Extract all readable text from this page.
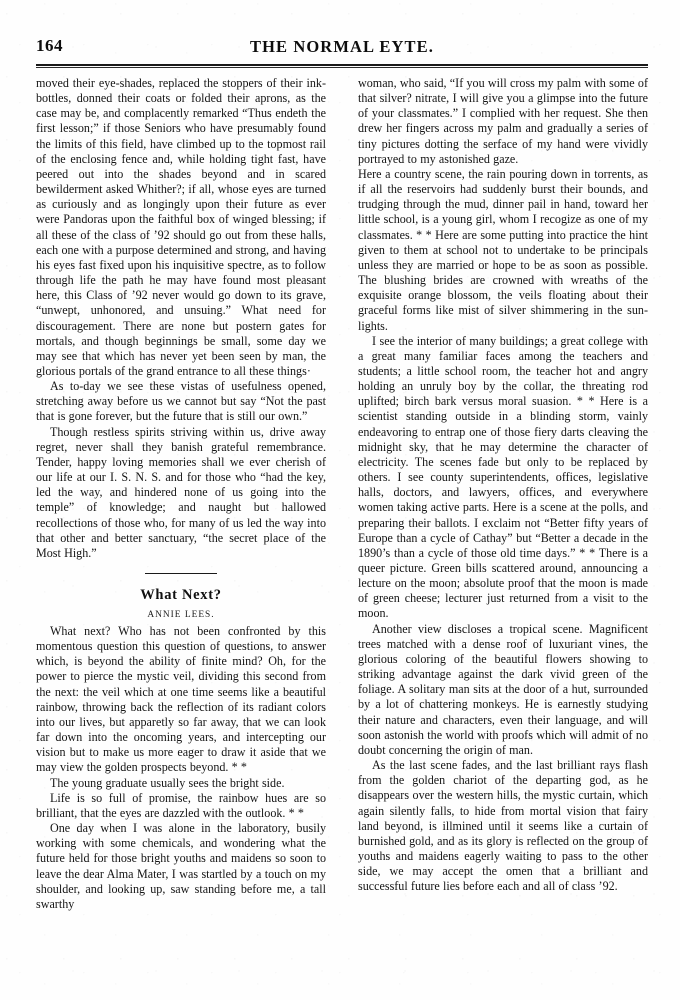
164	THE NORMAL EYTE.

moved their eye-shades, replaced the stoppers of their ink-bottles, donned their coats or folded their aprons, as the case may be, and complacently remarked “Thus endeth the first lesson;” if those Seniors who have presumably found the limits of this field, have climbed up to the topmost rail of the enclosing fence and, while holding tight fast, have peered out into the shades beyond and in scared bewilderment asked Whither?; if all, whose eyes are turned as curiously and as longingly upon their future as ever were Pandoras upon the faithful box of winged blessing; if all these of the class of ’92 should go out from these halls, each one with a purpose determined and strong, and having his eyes fast fixed upon his inquisitive spectre, as to follow through life the path he may have found most pleasant here, this Class of ’92 never would go down to its grave, “unwept, unhonored, and unsuing.” What need for discouragement. There are none but postern gates for mortals, and though beginnings be small, some day we may see that which has never yet been seen by man, the glorious portals of the grand entrance to all these things·

As to-day we see these vistas of usefulness opened, stretching away before us we cannot but say “Not the past that is gone forever, but the future that is still our own.”

Though restless spirits striving within us, drive away regret, never shall they banish grateful remembrance. Tender, happy loving memories shall we ever cherish of our life at our I. S. N. S. and for those who “had the key, led the way, and hindered none of us going into the temple” of knowledge; and naught but hallowed recollections of those who, for many of us led the way into that other and better sanctuary, “the secret place of the Most High.”

What Next?
ANNIE LEES.

What next? Who has not been confronted by this momentous question this question of questions, to answer which, is beyond the ability of finite mind? Oh, for the power to pierce the mystic veil, dividing this second from the next: the veil which at one time seems like a beautiful rainbow, throwing back the reflection of its radiant colors into our lives, but apparetly so far away, that we can look far down into the oncoming years, and intercepting our vision but to make us more eager to draw it aside that we may view the golden prospects beyond. * *

The young graduate usually sees the bright side.

Life is so full of promise, the rainbow hues are so brilliant, that the eyes are dazzled with the outlook. * *

One day when I was alone in the laboratory, busily working with some chemicals, and wondering what the future held for those bright youths and maidens so soon to leave the dear Alma Mater, I was startled by a touch on my shoulder, and looking up, saw standing before me, a tall swarthy

woman, who said, “If you will cross my palm with some of that silver? nitrate, I will give you a glimpse into the future of your classmates.” I complied with her request. She then drew her fingers across my palm and gradually a series of tiny pictures dotting the serface of my hand were vividly portrayed to my astonished gaze.

Here a country scene, the rain pouring down in torrents, as if all the reservoirs had suddenly burst their bounds, and trudging through the mud, dinner pail in hand, toward her little school, is a young girl, whom I recogize as one of my classmates. * * Here are some putting into practice the hint given to them at school not to undertake to be principals unless they are married or hope to be as soon as possible. The blushing brides are crowned with wreaths of the exquisite orange blossom, the veils floating about their graceful forms like mist of silver shimmering in the sun-lights.

I see the interior of many buildings; a great college with a great many familiar faces among the teachers and students; a little school room, the teacher hot and angry holding an unruly boy by the collar, the threating rod uplifted; birch bark versus moral suasion. * * Here is a scientist standing outside in a blinding storm, vainly endeavoring to entrap one of those fiery darts cleaving the midnight sky, that he may determine the character of electricity. The scenes fade but only to be replaced by others. I see county superintendents, offices, legislative halls, doctors, and lawyers, offices, and everywhere women taking active parts. Here is a scene at the polls, and preparing their ballots. I exclaim not “Better fifty years of Europe than a cycle of Cathay” but “Better a decade in the 1890’s than a cycle of those old time days.” * * There is a queer picture. Green bills scattered around, announcing a lecture on the moon; absolute proof that the moon is made of green cheese; lecturer just returned from a visit to the moon.

Another view discloses a tropical scene. Magnificent trees matched with a dense roof of luxuriant vines, the glorious coloring of the beautiful flowers showing to striking advantage against the dark vivid green of the foliage. A solitary man sits at the door of a hut, surrounded by a lot of chattering monkeys. He is earnestly studying their nature and characters, even their language, and will soon astonish the world with proofs which will admit of no doubt concerning the origin of man.

As the last scene fades, and the last brilliant rays flash from the golden chariot of the departing god, as he disappears over the western hills, the mystic curtain, which again silently falls, to hide from mortal vision that fairy land beyond, is illmined until it seems like a curtain of burnished gold, and as its glory is reflected on the group of youths and maidens eagerly waiting to pass to the other side, we may accept the omen that a brilliant and successful future lies before each and all of class ’92.
